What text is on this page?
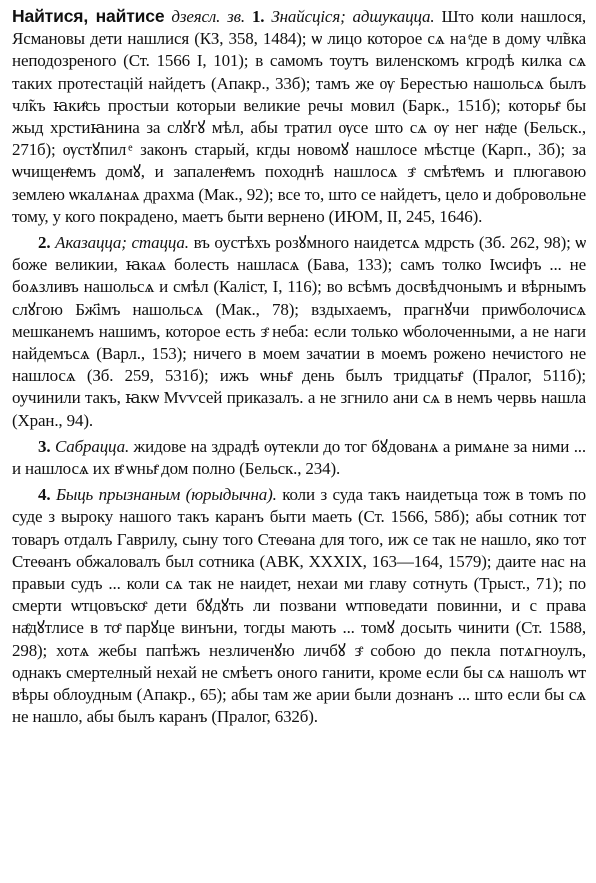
Найтися, найтисе дзеясл. зв. 1. Знайсціся; адшукацца. Што коли нашлося, Ясмановы дети нашлися (КЗ, 358, 1484); ѡ лицо которое сѧ на ͤде в дому чл̃вка неподозреного (Ст. 1566 І, 101); в самомъ тоутъ виленскомъ кгродѣ килка сѧ таких протестацій найдетъ (Апакр., 33б); тамъ же ѹ Берестью нашольсѧ былъ чл̃къ ꙗкиͤсь простыи которыи великие речы мовил (Барк., 151б); которыͤ бы жыд хрстиꙗнина за слꙋгꙋ мѣл, абы тратил ѹсе што сѧ ѹ нег наͤде (Бельск., 271б); ѹстꙋпил ͤ законъ старый, кгды новомꙋ нашлосе мѣстце (Карп., 3б); за ѡчищенͤемъ домꙋ, и запаленͤемъ походнѣ нашлосѧ зͤ смѣтͤемъ и плюгавою землею ѡкалѧнаѧ драхма (Мак., 92); все то, што се найдетъ, цело и добровольне тому, у кого покрадено, маетъ быти вернено (ИЮМ, II, 245, 1646).

2. Аказацца; стацца. въ оустѣхъ розꙋмного наидетсѧ мдрсть (Зб. 262, 98); ѡ боже великии, ꙗкаѧ болесть нашласѧ (Бава, 133); самъ толко Іѡсифъ ... не боѧзливъ нашольсѧ и смѣл (Каліст, I, 116); во всѣмъ досвѣдчонымъ и вѣрнымъ слꙋгою Бж҃імъ нашольсѧ (Мак., 78); вздыхаемъ, прагнꙋчи приѡболочисѧ мешканемъ нашимъ, которое есть зͤ неба: если только ѡболоченными, а не наги найдемъсѧ (Варл., 153); ничего в моем зачатии в моемъ рожено нечистого не нашлосѧ (Зб. 259, 531б); ижъ ѡныͤ день былъ тридцатыͤ (Пралог, 511б); оучинили такъ, ꙗкѡ Мѵѵсей приказалъ. а не згнило ани сѧ в немъ червь нашла (Хран., 94).

3. Сабрацца. жидове на здрадѣ ѹтекли до тог бꙋдованѧ а римѧне за ними ... и нашлосѧ их вͤ ѡныͤ дом полно (Бельск., 234).

4. Быць прызнаным (юрыдычна). коли з суда такъ наидетьца тож в томъ по суде з выроку нашого такъ каранъ быти маеть (Ст. 1566, 58б); абы сотник тот товаръ отдалъ Гаврилу, сыну того Стеѳана для того, иж се так не нашло, яко тот Стеѳанъ обжаловалъ был сотника (АВК, XXXIX, 163—164, 1579); даите нас на правыи судъ ... коли сѧ так не наидет, нехаи ми главу сотнуть (Трыст., 71); по смерти ѡтцовъскоͤ дети бꙋдꙋть ли позвани ѡтповедати повинни, и с права наͤдꙋтлисе в тоͤ парꙋце винъни, тогды мають ... томꙋ досыть чинити (Ст. 1588, 298); хотѧ жебы папѣжъ незличенꙋю личбꙋ зͤ собою до пекла потѧгноулъ, однакъ смертелный нехай не смѣетъ оного ганити, кроме если бы сѧ нашолъ ѡт вѣры облоудным (Апакр., 65); абы там же арии были дознанъ ... што если бы сѧ не нашло, абы былъ каранъ (Пралог, 632б).
